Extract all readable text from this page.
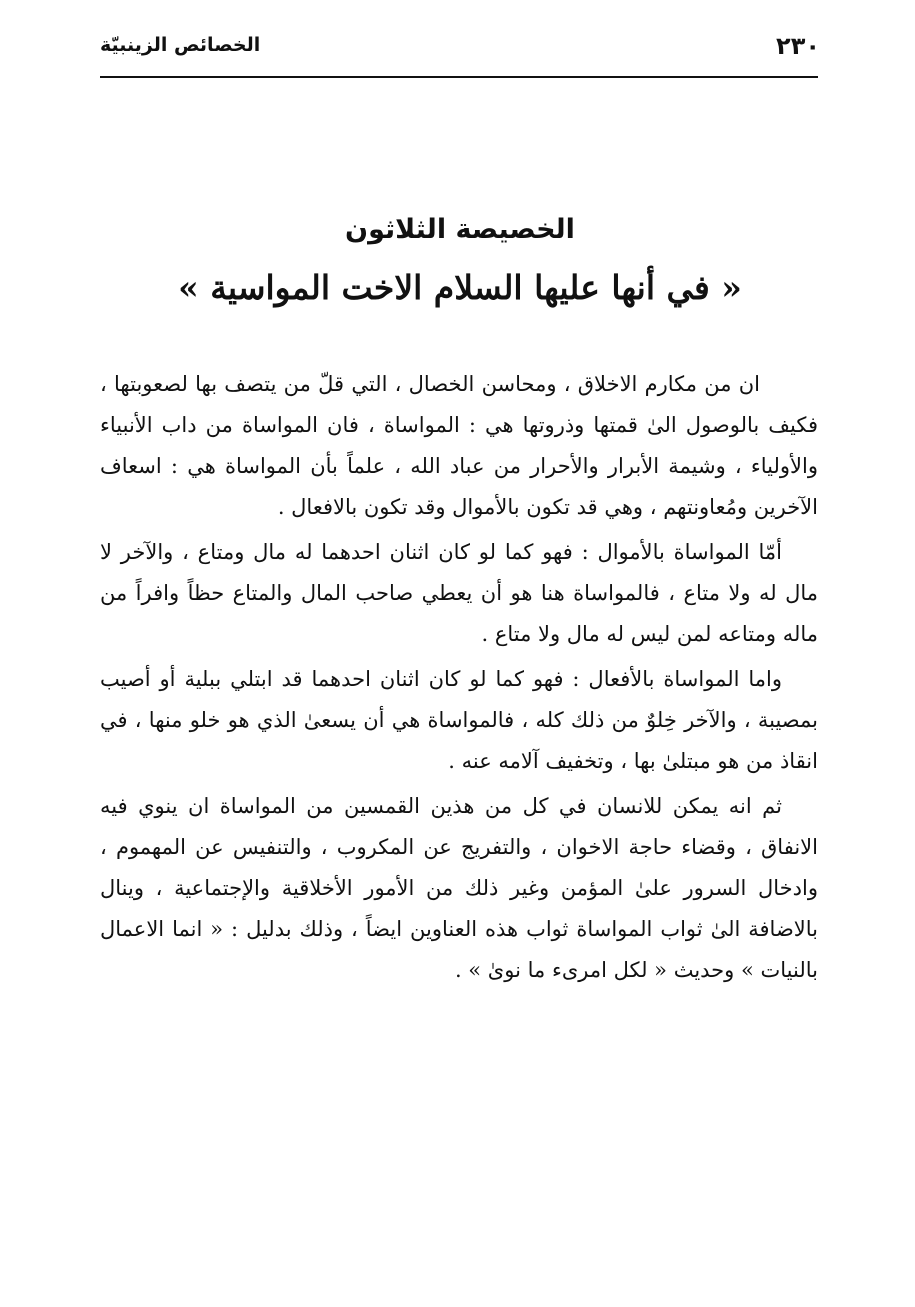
٢٣٠
الخصائص الزينبيّة
الخصيصة الثلاثون
« في أنها عليها السلام الاخت المواسية »

ان من مكارم الاخلاق ، ومحاسن الخصال ، التي قلّ من يتصف بها لصعوبتها ، فكيف بالوصول الىٰ قمتها وذروتها هي : المواساة ، فان المواساة من داب الأنبياء والأولياء ، وشيمة الأبرار والأحرار من عباد الله ، علماً بأن المواساة هي : اسعاف الآخرين ومُعاونتهم ، وهي قد تكون بالأموال وقد تكون بالافعال .

أمّا المواساة بالأموال : فهو كما لو كان اثنان احدهما له مال ومتاع ، والآخر لا مال له ولا متاع ، فالمواساة هنا هو أن يعطي صاحب المال والمتاع حظاً وافراً من ماله ومتاعه لمن ليس له مال ولا متاع .

واما المواساة بالأفعال : فهو كما لو كان اثنان احدهما قد ابتلي ببلية أو أصيب بمصيبة ، والآخر خِلوٌ من ذلك كله ، فالمواساة هي أن يسعىٰ الذي هو خلو منها ، في انقاذ من هو مبتلىٰ بها ، وتخفيف آلامه عنه .

ثم انه يمكن للانسان في كل من هذين القمسين من المواساة ان ينوي فيه الانفاق ، وقضاء حاجة الاخوان ، والتفريج عن المكروب ، والتنفيس عن المهموم ، وادخال السرور علىٰ المؤمن وغير ذلك من الأمور الأخلاقية والإجتماعية ، وينال بالاضافة الىٰ ثواب المواساة ثواب هذه العناوين ايضاً ، وذلك بدليل : « انما الاعمال بالنيات » وحديث « لكل امرىء ما نوىٰ » .
